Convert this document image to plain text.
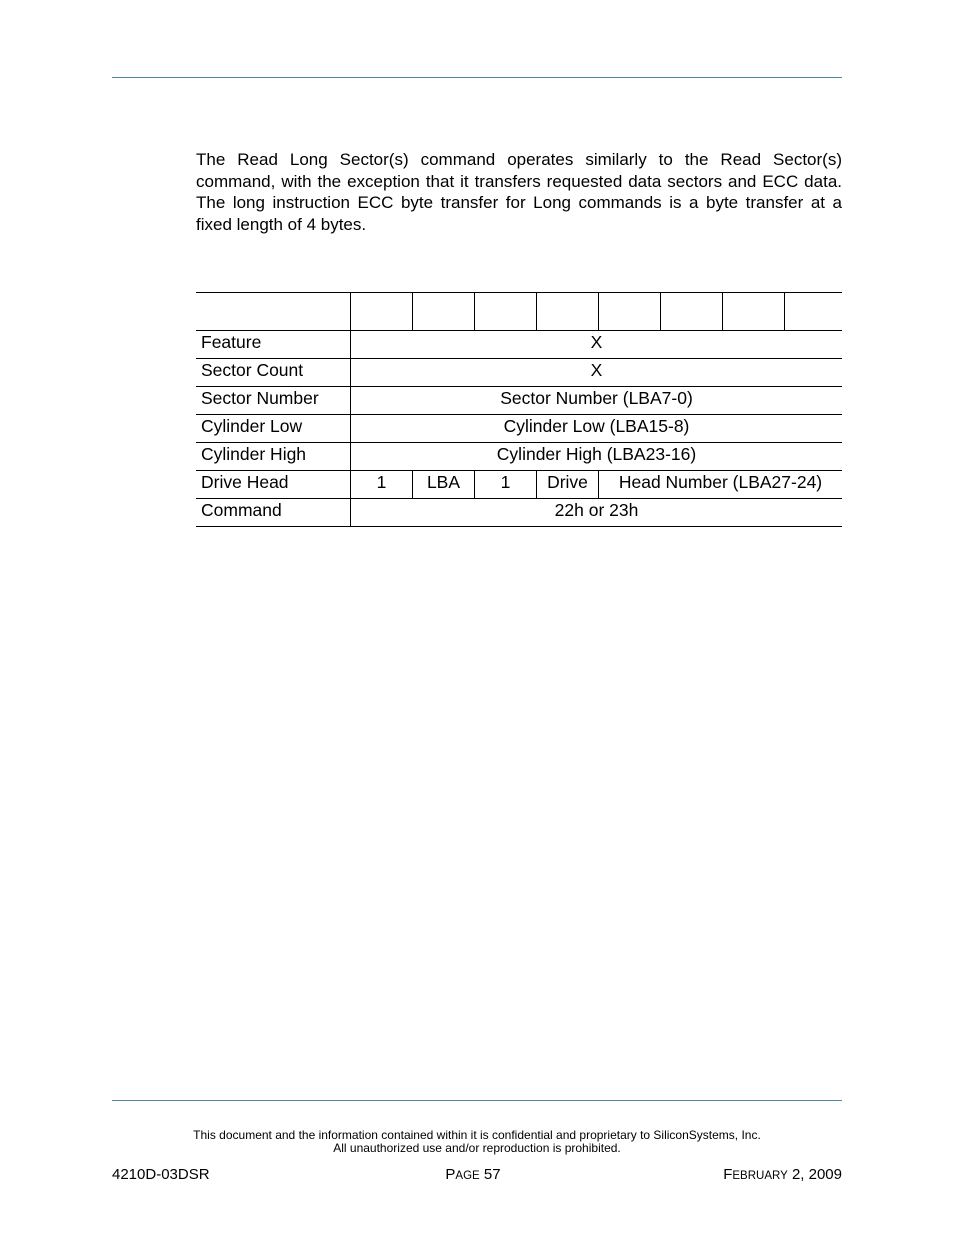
The Read Long Sector(s) command operates similarly to the Read Sector(s) command, with the exception that it transfers requested data sectors and ECC data. The long instruction ECC byte transfer for Long commands is a byte transfer at a fixed length of 4 bytes.

Feature	X							
Sector Count	X							
Sector Number	Sector Number (LBA7-0)							
Cylinder Low	Cylinder Low (LBA15-8)							
Cylinder High	Cylinder High (LBA23-16)							
Drive Head	1	LBA	1	Drive	Head Number (LBA27-24)			
Command	22h or 23h							
This document and the information contained within it is confidential and proprietary to SiliconSystems, Inc.
All unauthorized use and/or reproduction is prohibited.
4210D-03DSR	PAGE 57	FEBRUARY 2, 2009
